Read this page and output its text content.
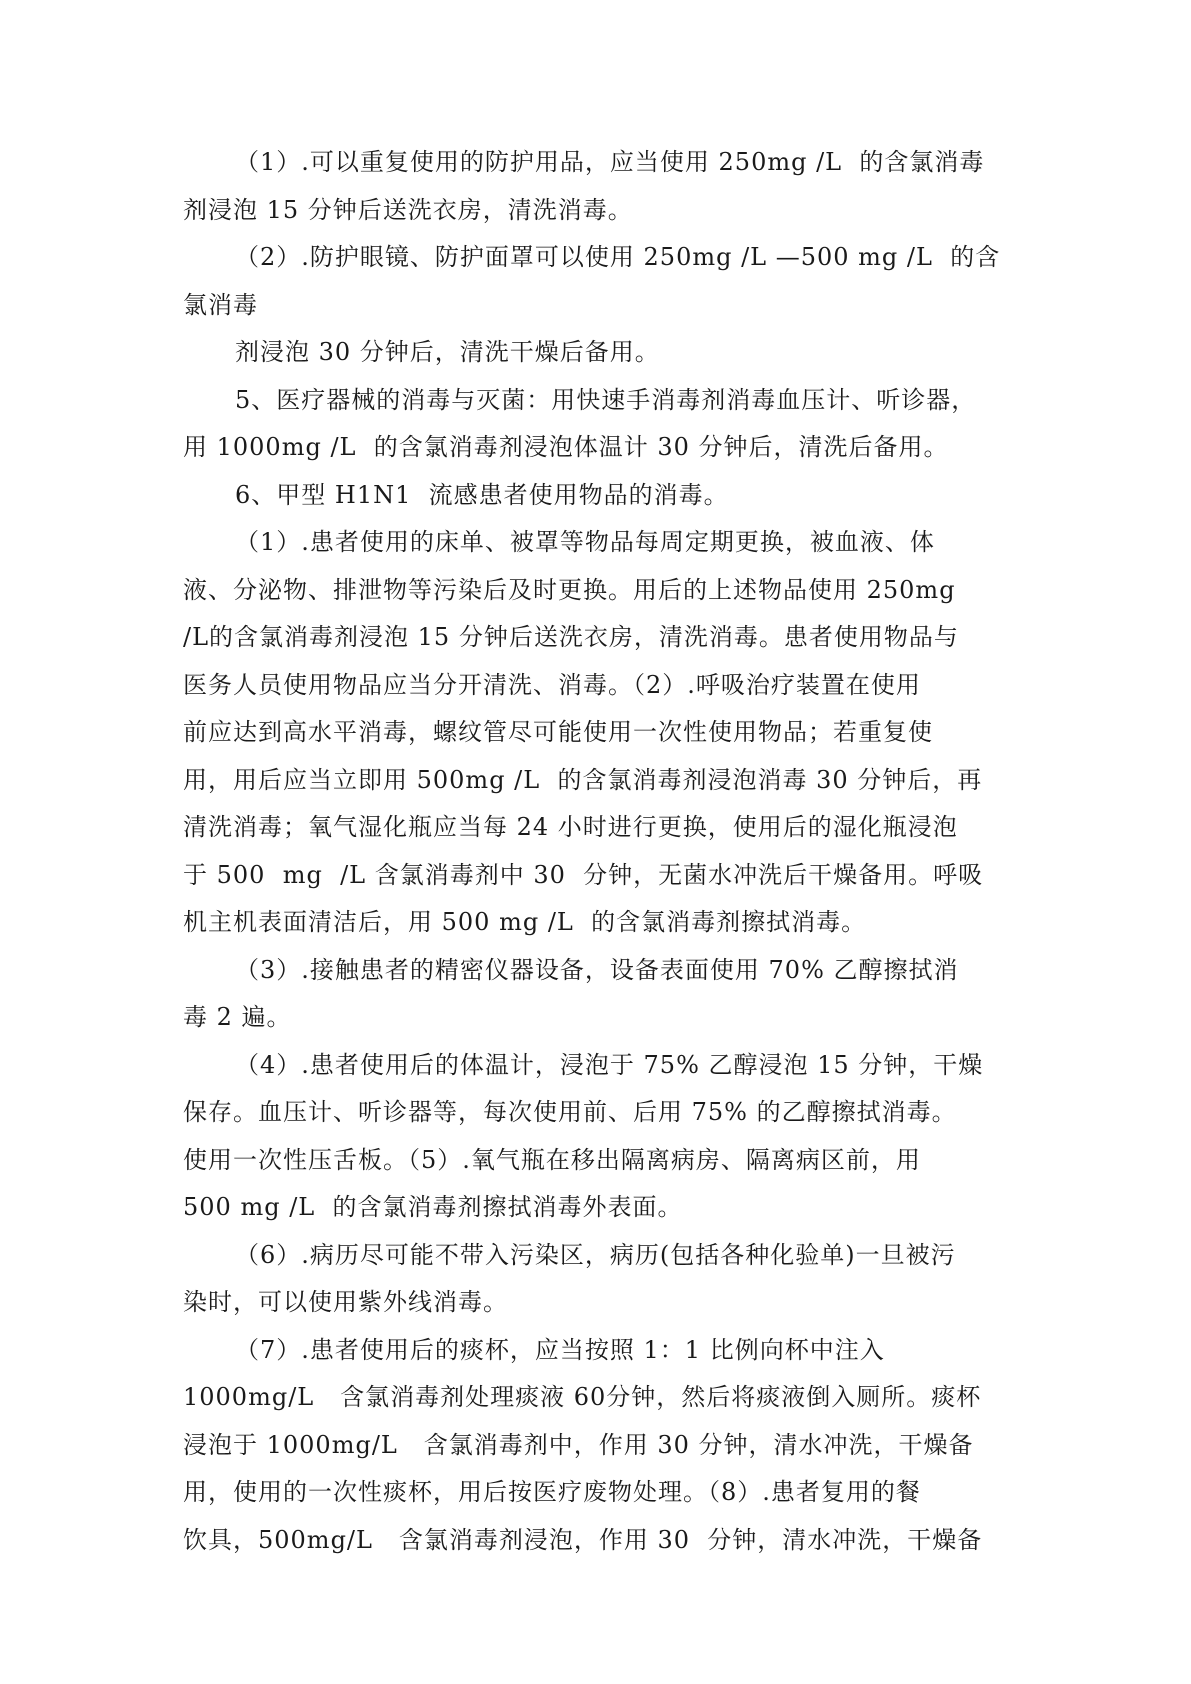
（1）.可以重复使用的防护用品，应当使用 250mg /L  的含氯消毒
剂浸泡 15 分钟后送洗衣房，清洗消毒。
（2）.防护眼镜、防护面罩可以使用 250mg /L —500 mg /L  的含
氯消毒
剂浸泡 30 分钟后，清洗干燥后备用。
5、医疗器械的消毒与灭菌：用快速手消毒剂消毒血压计、听诊器，
用 1000mg /L  的含氯消毒剂浸泡体温计 30 分钟后，清洗后备用。
6、甲型 H1N1  流感患者使用物品的消毒。
（1）.患者使用的床单、被罩等物品每周定期更换，被血液、体
液、分泌物、排泄物等污染后及时更换。用后的上述物品使用 250mg
/L的含氯消毒剂浸泡 15 分钟后送洗衣房，清洗消毒。患者使用物品与
医务人员使用物品应当分开清洗、消毒。（2）.呼吸治疗装置在使用
前应达到高水平消毒，螺纹管尽可能使用一次性使用物品；若重复使
用，用后应当立即用 500mg /L  的含氯消毒剂浸泡消毒 30 分钟后，再
清洗消毒；氧气湿化瓶应当每 24 小时进行更换，使用后的湿化瓶浸泡
于 500  mg  /L 含氯消毒剂中 30  分钟，无菌水冲洗后干燥备用。呼吸
机主机表面清洁后，用 500 mg /L  的含氯消毒剂擦拭消毒。
（3）.接触患者的精密仪器设备，设备表面使用 70% 乙醇擦拭消
毒 2 遍。
（4）.患者使用后的体温计，浸泡于 75% 乙醇浸泡 15 分钟，干燥
保存。血压计、听诊器等，每次使用前、后用 75% 的乙醇擦拭消毒。
使用一次性压舌板。（5）.氧气瓶在移出隔离病房、隔离病区前，用
500 mg /L  的含氯消毒剂擦拭消毒外表面。
（6）.病历尽可能不带入污染区，病历(包括各种化验单)一旦被污
染时，可以使用紫外线消毒。
（7）.患者使用后的痰杯，应当按照 1：1 比例向杯中注入
1000mg/L   含氯消毒剂处理痰液 60分钟，然后将痰液倒入厕所。痰杯
浸泡于 1000mg/L   含氯消毒剂中，作用 30 分钟，清水冲洗，干燥备
用，使用的一次性痰杯，用后按医疗废物处理。（8）.患者复用的餐
饮具，500mg/L   含氯消毒剂浸泡，作用 30  分钟，清水冲洗，干燥备
